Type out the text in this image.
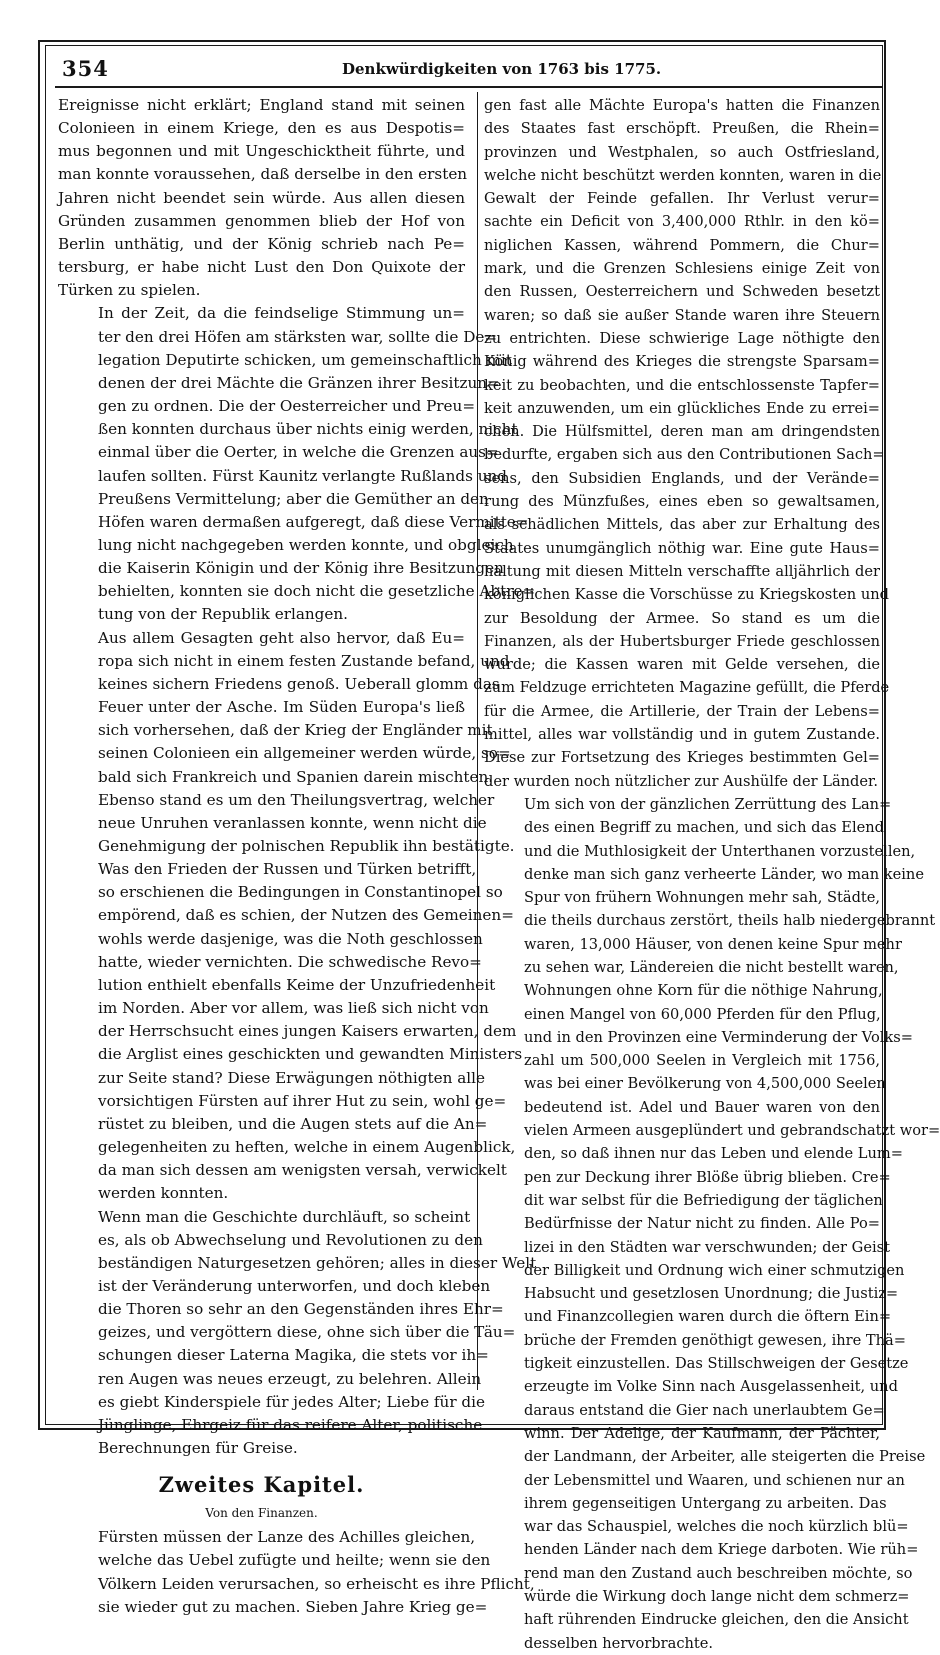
354	Denkwürdigkeiten von 1763 bis 1775.

Ereignisse nicht erklärt; England stand mit seinen
Colonieen in einem Kriege, den es aus Despotis=
mus begonnen und mit Ungeschicktheit führte, und
man konnte voraussehen, daß derselbe in den ersten
Jahren nicht beendet sein würde. Aus allen diesen
Gründen zusammen genommen blieb der Hof von
Berlin unthätig, und der König schrieb nach Pe=
tersburg, er habe nicht Lust den Don Quixote der
Türken zu spielen.

In der Zeit, da die feindselige Stimmung un=
ter den drei Höfen am stärksten war, sollte die De=
legation Deputirte schicken, um gemeinschaftlich mit
denen der drei Mächte die Gränzen ihrer Besitzun=
gen zu ordnen. Die der Oesterreicher und Preu=
ßen konnten durchaus über nichts einig werden, nicht
einmal über die Oerter, in welche die Grenzen aus=
laufen sollten. Fürst Kaunitz verlangte Rußlands und
Preußens Vermittelung; aber die Gemüther an den
Höfen waren dermaßen aufgeregt, daß diese Vermitte=
lung nicht nachgegeben werden konnte, und obgleich
die Kaiserin Königin und der König ihre Besitzungen
behielten, konnten sie doch nicht die gesetzliche Abtre=
tung von der Republik erlangen.

Aus allem Gesagten geht also hervor, daß Eu=
ropa sich nicht in einem festen Zustande befand, und
keines sichern Friedens genoß. Ueberall glomm das
Feuer unter der Asche. Im Süden Europa's ließ
sich vorhersehen, daß der Krieg der Engländer mit
seinen Colonieen ein allgemeiner werden würde, so=
bald sich Frankreich und Spanien darein mischten.
Ebenso stand es um den Theilungsvertrag, welcher
neue Unruhen veranlassen konnte, wenn nicht die
Genehmigung der polnischen Republik ihn bestätigte.
Was den Frieden der Russen und Türken betrifft,
so erschienen die Bedingungen in Constantinopel so
empörend, daß es schien, der Nutzen des Gemeinen=
wohls werde dasjenige, was die Noth geschlossen
hatte, wieder vernichten. Die schwedische Revo=
lution enthielt ebenfalls Keime der Unzufriedenheit
im Norden. Aber vor allem, was ließ sich nicht von
der Herrschsucht eines jungen Kaisers erwarten, dem
die Arglist eines geschickten und gewandten Ministers
zur Seite stand? Diese Erwägungen nöthigten alle
vorsichtigen Fürsten auf ihrer Hut zu sein, wohl ge=
rüstet zu bleiben, und die Augen stets auf die An=
gelegenheiten zu heften, welche in einem Augenblick,
da man sich dessen am wenigsten versah, verwickelt
werden konnten.

Wenn man die Geschichte durchläuft, so scheint
es, als ob Abwechselung und Revolutionen zu den
beständigen Naturgesetzen gehören; alles in dieser Welt
ist der Veränderung unterworfen, und doch kleben
die Thoren so sehr an den Gegenständen ihres Ehr=
geizes, und vergöttern diese, ohne sich über die Täu=
schungen dieser Laterna Magika, die stets vor ih=
ren Augen was neues erzeugt, zu belehren. Allein
es giebt Kinderspiele für jedes Alter; Liebe für die
Jünglinge, Ehrgeiz für das reifere Alter, politische
Berechnungen für Greise.

Zweites Kapitel.
Von den Finanzen.

Fürsten müssen der Lanze des Achilles gleichen,
welche das Uebel zufügte und heilte; wenn sie den
Völkern Leiden verursachen, so erheischt es ihre Pflicht,
sie wieder gut zu machen. Sieben Jahre Krieg ge=

gen fast alle Mächte Europa's hatten die Finanzen
des Staates fast erschöpft. Preußen, die Rhein=
provinzen und Westphalen, so auch Ostfriesland,
welche nicht beschützt werden konnten, waren in die
Gewalt der Feinde gefallen. Ihr Verlust verur=
sachte ein Deficit von 3,400,000 Rthlr. in den kö=
niglichen Kassen, während Pommern, die Chur=
mark, und die Grenzen Schlesiens einige Zeit von
den Russen, Oesterreichern und Schweden besetzt
waren; so daß sie außer Stande waren ihre Steuern
zu entrichten. Diese schwierige Lage nöthigte den
König während des Krieges die strengste Sparsam=
keit zu beobachten, und die entschlossenste Tapfer=
keit anzuwenden, um ein glückliches Ende zu errei=
chen. Die Hülfsmittel, deren man am dringendsten
bedurfte, ergaben sich aus den Contributionen Sach=
sens, den Subsidien Englands, und der Verände=
rung des Münzfußes, eines eben so gewaltsamen,
als schädlichen Mittels, das aber zur Erhaltung des
Staates unumgänglich nöthig war. Eine gute Haus=
haltung mit diesen Mitteln verschaffte alljährlich der
königlichen Kasse die Vorschüsse zu Kriegskosten und
zur Besoldung der Armee. So stand es um die
Finanzen, als der Hubertsburger Friede geschlossen
wurde; die Kassen waren mit Gelde versehen, die
zum Feldzuge errichteten Magazine gefüllt, die Pferde
für die Armee, die Artillerie, der Train der Lebens=
mittel, alles war vollständig und in gutem Zustande.
Diese zur Fortsetzung des Krieges bestimmten Gel=
der wurden noch nützlicher zur Aushülfe der Länder.

Um sich von der gänzlichen Zerrüttung des Lan=
des einen Begriff zu machen, und sich das Elend
und die Muthlosigkeit der Unterthanen vorzustellen,
denke man sich ganz verheerte Länder, wo man keine
Spur von frühern Wohnungen mehr sah, Städte,
die theils durchaus zerstört, theils halb niedergebrannt
waren, 13,000 Häuser, von denen keine Spur mehr
zu sehen war, Ländereien die nicht bestellt waren,
Wohnungen ohne Korn für die nöthige Nahrung,
einen Mangel von 60,000 Pferden für den Pflug,
und in den Provinzen eine Verminderung der Volks=
zahl um 500,000 Seelen in Vergleich mit 1756,
was bei einer Bevölkerung von 4,500,000 Seelen
bedeutend ist. Adel und Bauer waren von den
vielen Armeen ausgeplündert und gebrandschatzt wor=
den, so daß ihnen nur das Leben und elende Lum=
pen zur Deckung ihrer Blöße übrig blieben. Cre=
dit war selbst für die Befriedigung der täglichen
Bedürfnisse der Natur nicht zu finden. Alle Po=
lizei in den Städten war verschwunden; der Geist
der Billigkeit und Ordnung wich einer schmutzigen
Habsucht und gesetzlosen Unordnung; die Justiz=
und Finanzcollegien waren durch die öftern Ein=
brüche der Fremden genöthigt gewesen, ihre Thä=
tigkeit einzustellen. Das Stillschweigen der Gesetze
erzeugte im Volke Sinn nach Ausgelassenheit, und
daraus entstand die Gier nach unerlaubtem Ge=
winn. Der Adelige, der Kaufmann, der Pächter,
der Landmann, der Arbeiter, alle steigerten die Preise
der Lebensmittel und Waaren, und schienen nur an
ihrem gegenseitigen Untergang zu arbeiten. Das
war das Schauspiel, welches die noch kürzlich blü=
henden Länder nach dem Kriege darboten. Wie rüh=
rend man den Zustand auch beschreiben möchte, so
würde die Wirkung doch lange nicht dem schmerz=
haft rührenden Eindrucke gleichen, den die Ansicht
desselben hervorbrachte.
